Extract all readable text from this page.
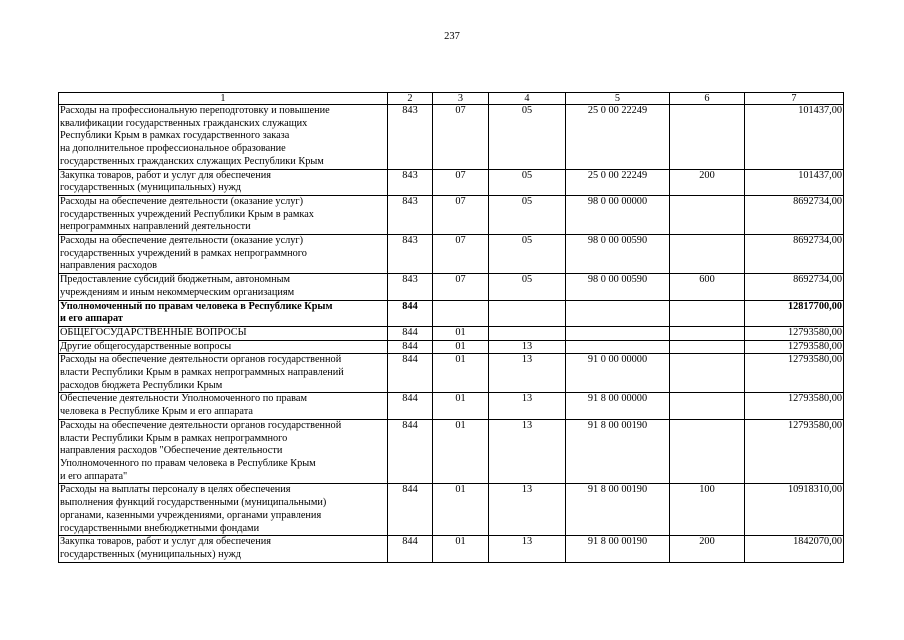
237
1	2	3	4	5	6	7
Расходы на профессиональную переподготовку и повышение
квалификации государственных гражданских служащих
Республики Крым в рамках государственного заказа
на дополнительное профессиональное образование
государственных гражданских служащих Республики Крым	843	07	05	25 0 00 22249		101437,00
Закупка товаров, работ и услуг для обеспечения
государственных (муниципальных) нужд	843	07	05	25 0 00 22249	200	101437,00
Расходы на обеспечение деятельности (оказание услуг)
государственных учреждений Республики Крым в рамках
непрограммных направлений деятельности	843	07	05	98 0 00 00000		8692734,00
Расходы на обеспечение деятельности (оказание услуг)
государственных учреждений в рамках непрограммного
направления расходов	843	07	05	98 0 00 00590		8692734,00
Предоставление субсидий бюджетным, автономным
учреждениям и иным некоммерческим организациям	843	07	05	98 0 00 00590	600	8692734,00
Уполномоченный по правам человека в Республике Крым
и его аппарат	844					12817700,00
ОБЩЕГОСУДАРСТВЕННЫЕ ВОПРОСЫ	844	01				12793580,00
Другие общегосударственные вопросы	844	01	13			12793580,00
Расходы на обеспечение деятельности органов государственной
власти Республики Крым в рамках непрограммных направлений
расходов бюджета Республики Крым	844	01	13	91 0 00 00000		12793580,00
Обеспечение деятельности Уполномоченного по правам
человека в Республике Крым и его аппарата	844	01	13	91 8 00 00000		12793580,00
Расходы на обеспечение деятельности органов государственной
власти Республики Крым в рамках непрограммного
направления расходов "Обеспечение деятельности
Уполномоченного по правам человека в Республике Крым
и его аппарата"	844	01	13	91 8 00 00190		12793580,00
Расходы на выплаты персоналу в целях обеспечения
выполнения функций государственными (муниципальными)
органами, казенными учреждениями, органами управления
государственными внебюджетными фондами	844	01	13	91 8 00 00190	100	10918310,00
Закупка товаров, работ и услуг для обеспечения
государственных (муниципальных) нужд	844	01	13	91 8 00 00190	200	1842070,00
